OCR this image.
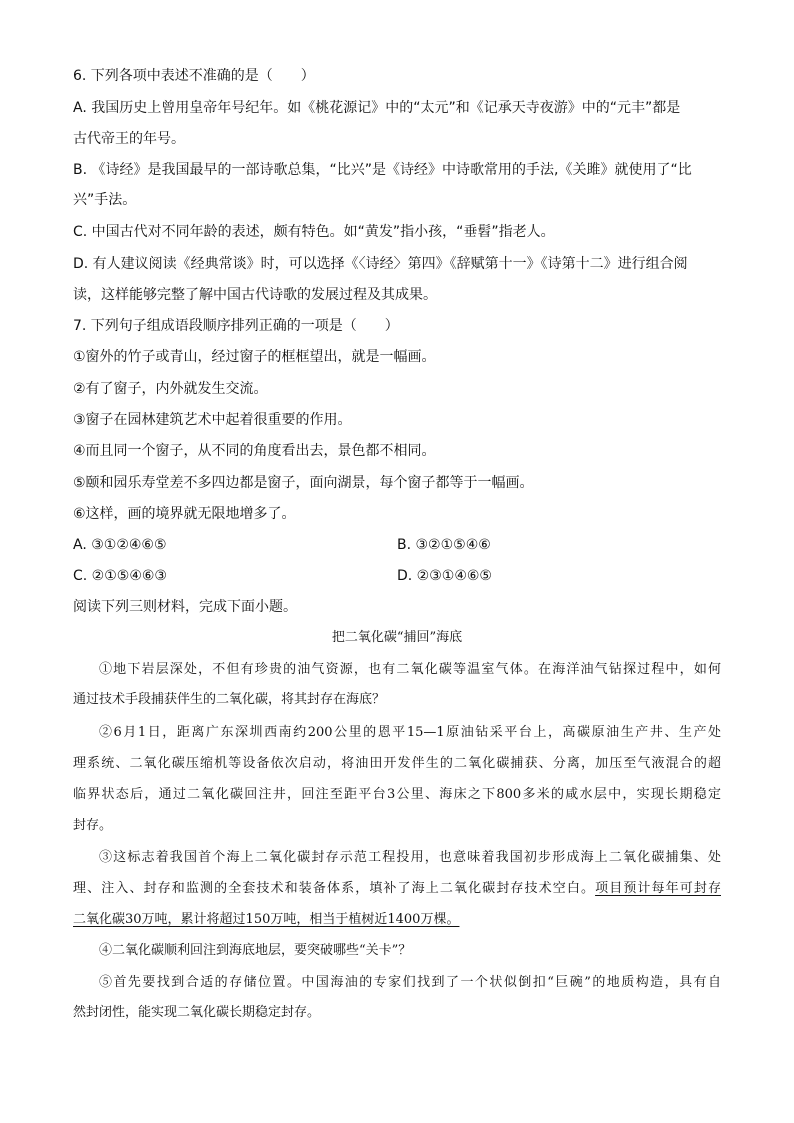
6. 下列各项中表述不准确的是（　　）
A. 我国历史上曾用皇帝年号纪年。如《桃花源记》中的“太元”和《记承天寺夜游》中的“元丰”都是
古代帝王的年号。
B. 《诗经》是我国最早的一部诗歌总集，“比兴”是《诗经》中诗歌常用的手法,《关雎》就使用了“比
兴”手法。
C. 中国古代对不同年龄的表述，颇有特色。如“黄发”指小孩，“垂髫”指老人。
D. 有人建议阅读《经典常谈》时，可以选择《〈诗经〉第四》《辞赋第十一》《诗第十二》进行组合阅
读，这样能够完整了解中国古代诗歌的发展过程及其成果。
7. 下列句子组成语段顺序排列正确的一项是（　　）
①窗外的竹子或青山，经过窗子的框框望出，就是一幅画。
②有了窗子，内外就发生交流。
③窗子在园林建筑艺术中起着很重要的作用。
④而且同一个窗子，从不同的角度看出去，景色都不相同。
⑤颐和园乐寿堂差不多四边都是窗子，面向湖景，每个窗子都等于一幅画。
⑥这样，画的境界就无限地增多了。
A. ③①②④⑥⑤	B. ③②①⑤④⑥
C. ②①⑤④⑥③	D. ②③①④⑥⑤
阅读下列三则材料，完成下面小题。
把二氧化碳“捕回”海底
①地下岩层深处，不但有珍贵的油气资源，也有二氧化碳等温室气体。在海洋油气钻探过程中，如何
通过技术手段捕获伴生的二氧化碳，将其封存在海底？
②6月1日，距离广东深圳西南约200公里的恩平15—1原油钻采平台上，高碳原油生产井、生产处
理系统、二氧化碳压缩机等设备依次启动，将油田开发伴生的二氧化碳捕获、分离，加压至气液混合的超
临界状态后，通过二氧化碳回注井，回注至距平台3公里、海床之下800多米的咸水层中，实现长期稳定
封存。
③这标志着我国首个海上二氧化碳封存示范工程投用，也意味着我国初步形成海上二氧化碳捕集、处
理、注入、封存和监测的全套技术和装备体系，填补了海上二氧化碳封存技术空白。项目预计每年可封存
二氧化碳30万吨，累计将超过150万吨，相当于植树近1400万棵。
④二氧化碳顺利回注到海底地层，要突破哪些“关卡”？
⑤首先要找到合适的存储位置。中国海油的专家们找到了一个状似倒扣“巨碗”的地质构造，具有自
然封闭性，能实现二氧化碳长期稳定封存。
